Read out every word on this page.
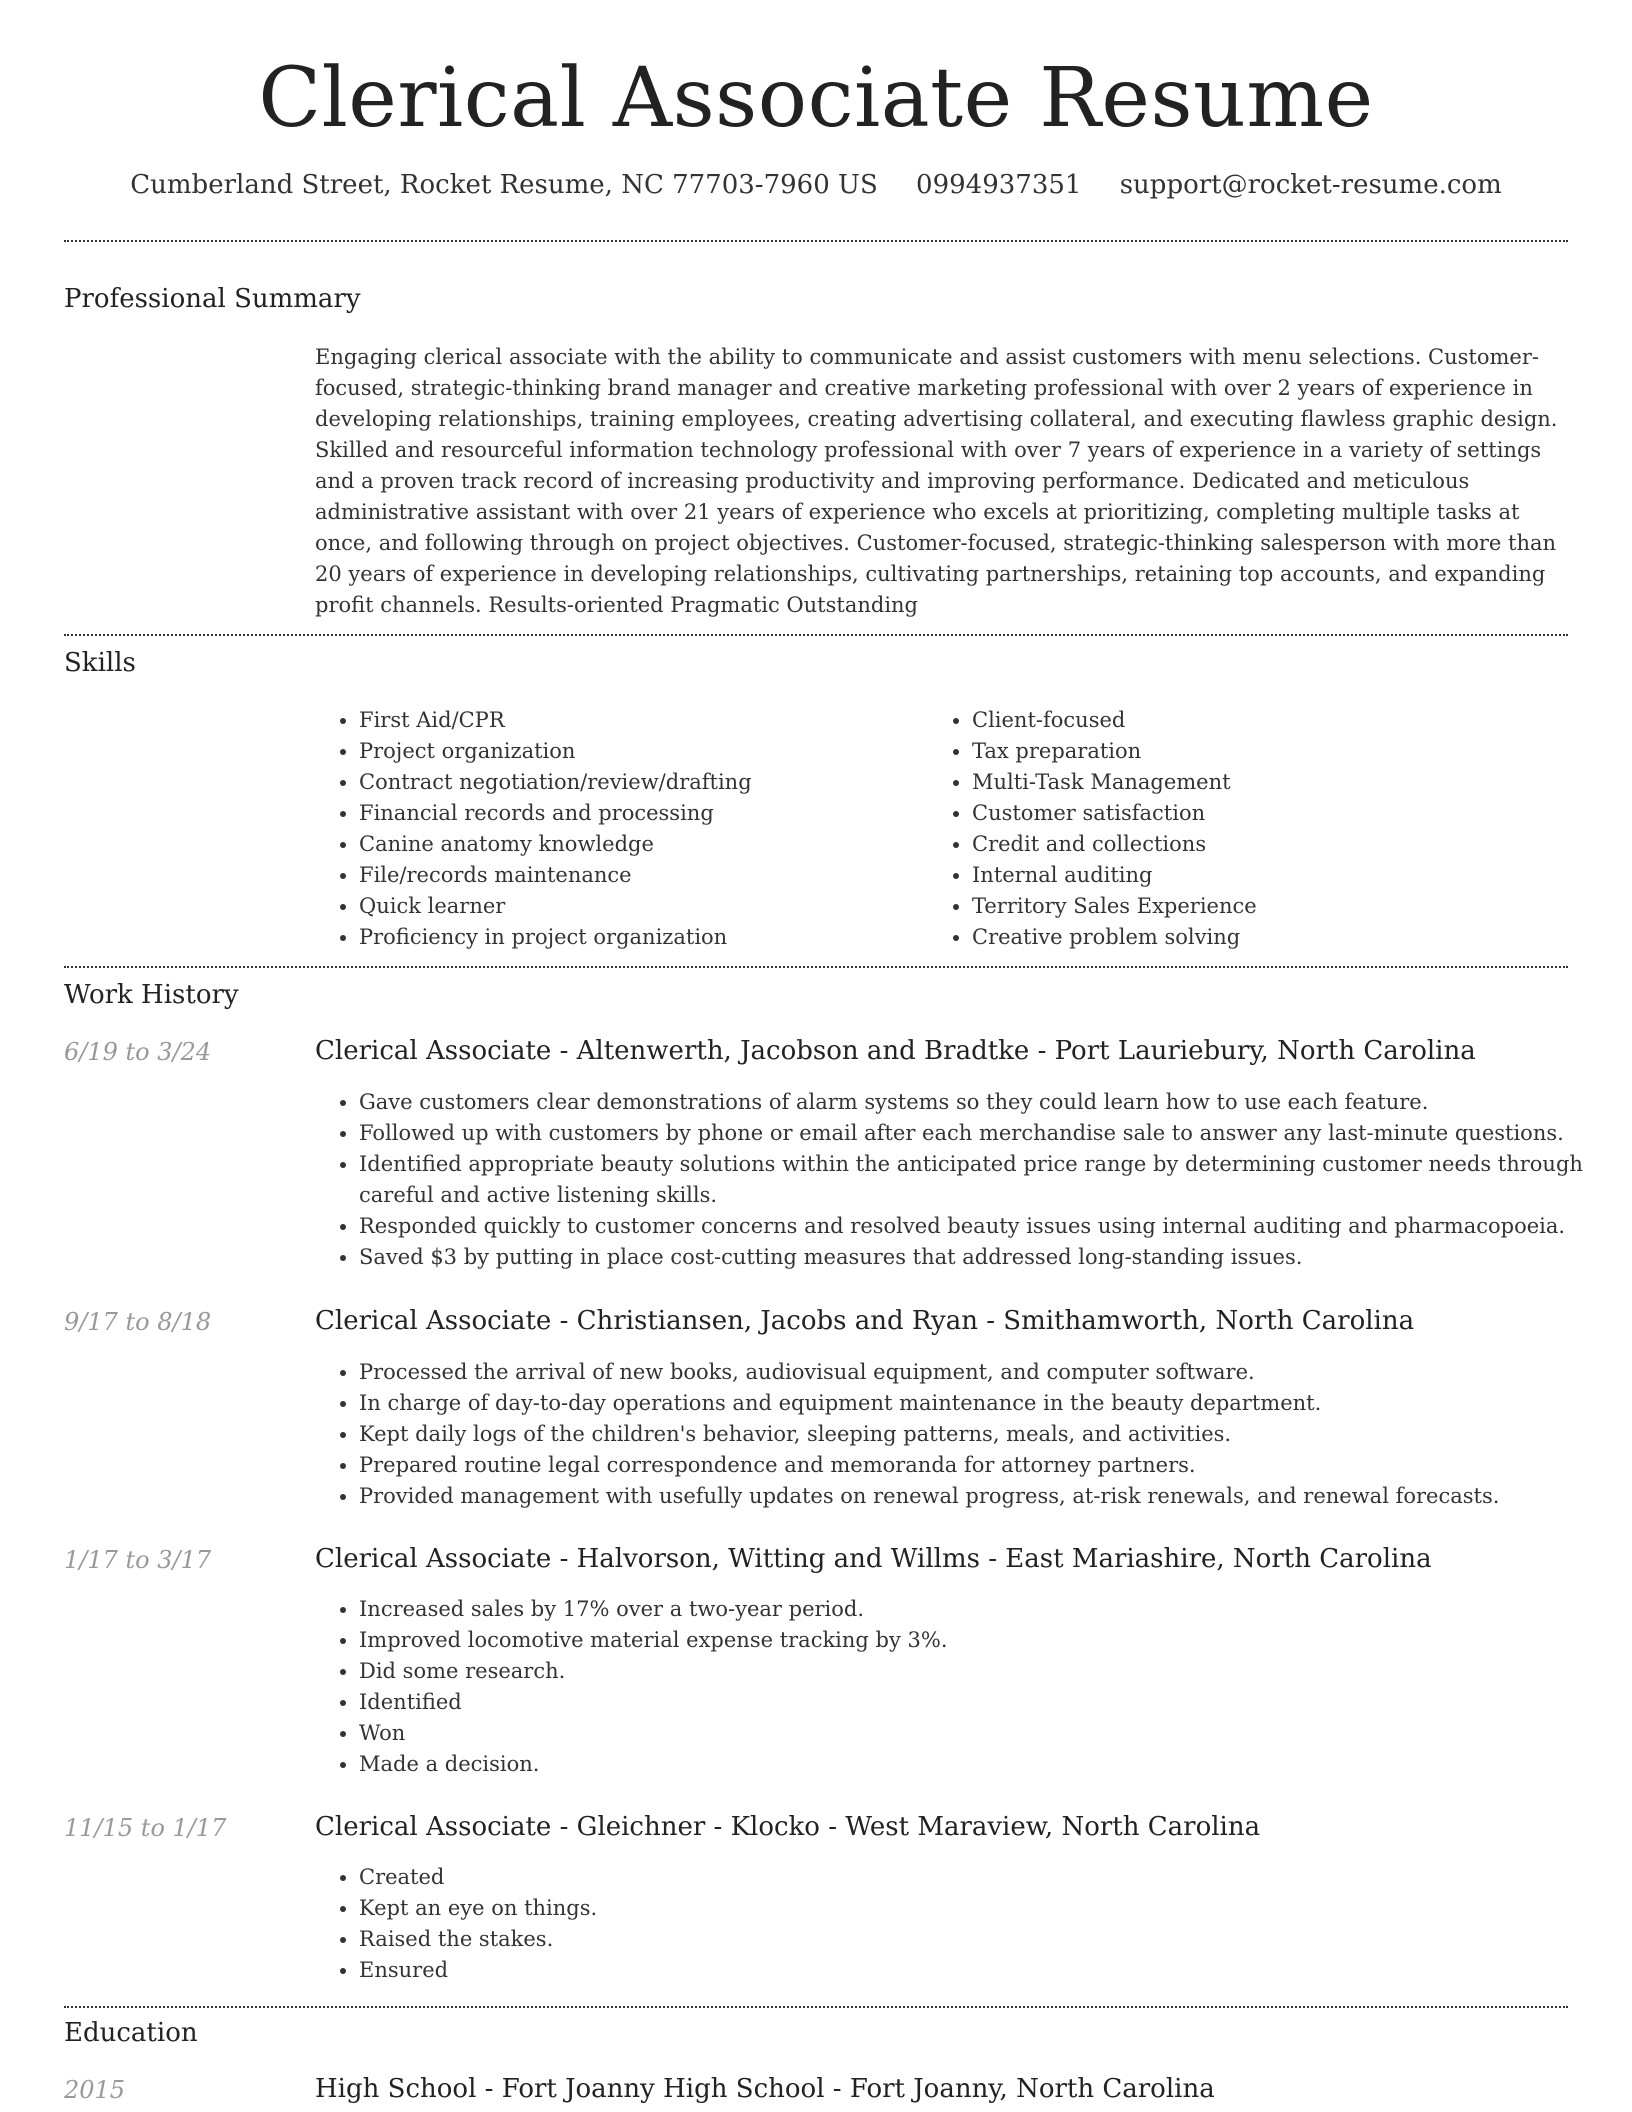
Clerical Associate Resume
Cumberland Street, Rocket Resume, NC 77703-7960 US 0994937351 support@rocket-resume.com
Professional Summary

Engaging clerical associate with the ability to communicate and assist customers with menu selections. Customer-focused, strategic-thinking brand manager and creative marketing professional with over 2 years of experience in developing relationships, training employees, creating advertising collateral, and executing flawless graphic design. Skilled and resourceful information technology professional with over 7 years of experience in a variety of settings and a proven track record of increasing productivity and improving performance. Dedicated and meticulous administrative assistant with over 21 years of experience who excels at prioritizing, completing multiple tasks at once, and following through on project objectives. Customer-focused, strategic-thinking salesperson with more than 20 years of experience in developing relationships, cultivating partnerships, retaining top accounts, and expanding profit channels. Results-oriented Pragmatic Outstanding

Skills
• First Aid/CPR
• Project organization
• Contract negotiation/review/drafting
• Financial records and processing
• Canine anatomy knowledge
• File/records maintenance
• Quick learner
• Proficiency in project organization
• Client-focused
• Tax preparation
• Multi-Task Management
• Customer satisfaction
• Credit and collections
• Internal auditing
• Territory Sales Experience
• Creative problem solving
Work History
6/19 to 3/24	Clerical Associate - Altenwerth, Jacobson and Bradtke - Port Lauriebury, North Carolina
• Gave customers clear demonstrations of alarm systems so they could learn how to use each feature.
• Followed up with customers by phone or email after each merchandise sale to answer any last-minute questions.
• Identified appropriate beauty solutions within the anticipated price range by determining customer needs through careful and active listening skills.
• Responded quickly to customer concerns and resolved beauty issues using internal auditing and pharmacopoeia.
• Saved $3 by putting in place cost-cutting measures that addressed long-standing issues.
9/17 to 8/18	Clerical Associate - Christiansen, Jacobs and Ryan - Smithamworth, North Carolina
• Processed the arrival of new books, audiovisual equipment, and computer software.
• In charge of day-to-day operations and equipment maintenance in the beauty department.
• Kept daily logs of the children's behavior, sleeping patterns, meals, and activities.
• Prepared routine legal correspondence and memoranda for attorney partners.
• Provided management with usefully updates on renewal progress, at-risk renewals, and renewal forecasts.
1/17 to 3/17	Clerical Associate - Halvorson, Witting and Willms - East Mariashire, North Carolina
• Increased sales by 17% over a two-year period.
• Improved locomotive material expense tracking by 3%.
• Did some research.
• Identified
• Won
• Made a decision.
11/15 to 1/17	Clerical Associate - Gleichner - Klocko - West Maraview, North Carolina
• Created
• Kept an eye on things.
• Raised the stakes.
• Ensured
Education
2015	High School - Fort Joanny High School - Fort Joanny, North Carolina
